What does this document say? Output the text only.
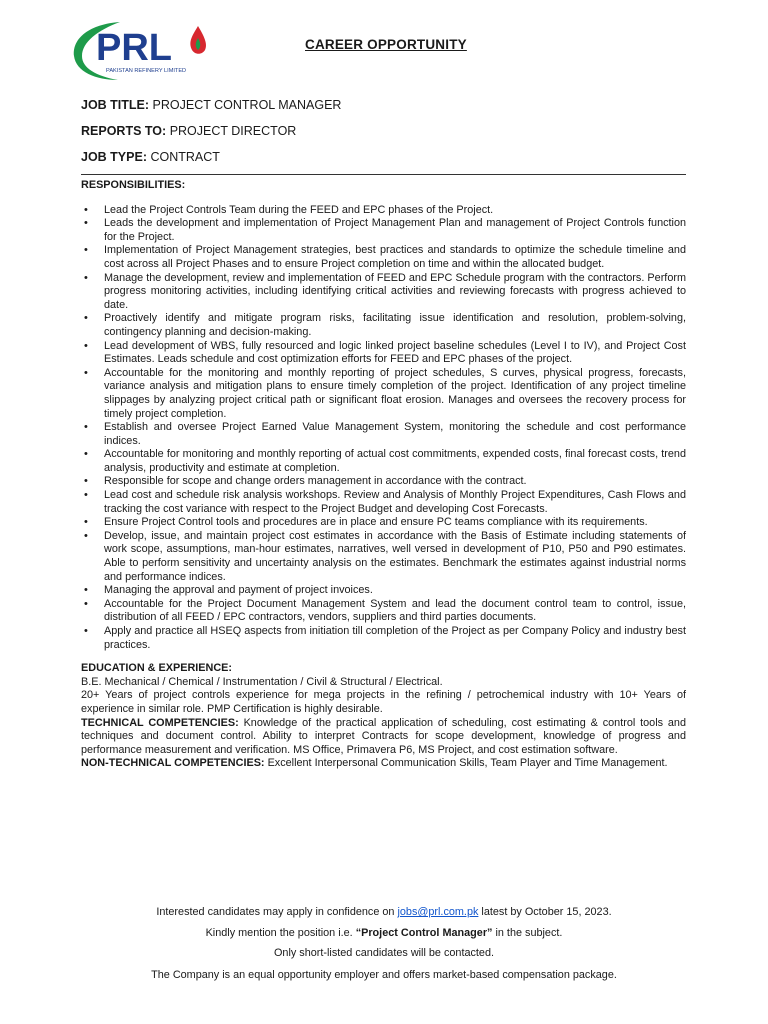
PRL
PAKISTAN REFINERY LIMITED
CAREER OPPORTUNITY
JOB TITLE: PROJECT CONTROL MANAGER
REPORTS TO: PROJECT DIRECTOR
JOB TYPE: CONTRACT

RESPONSIBILITIES:

• Lead the Project Controls Team during the FEED and EPC phases of the Project.
• Leads the development and implementation of Project Management Plan and management of Project Controls function for the Project.
• Implementation of Project Management strategies, best practices and standards to optimize the schedule timeline and cost across all Project Phases and to ensure Project completion on time and within the allocated budget.
• Manage the development, review and implementation of FEED and EPC Schedule program with the contractors. Perform progress monitoring activities, including identifying critical activities and reviewing forecasts with progress achieved to date.
• Proactively identify and mitigate program risks, facilitating issue identification and resolution, problem-solving, contingency planning and decision-making.
• Lead development of WBS, fully resourced and logic linked project baseline schedules (Level I to IV), and Project Cost Estimates. Leads schedule and cost optimization efforts for FEED and EPC phases of the project.
• Accountable for the monitoring and monthly reporting of project schedules, S curves, physical progress, forecasts, variance analysis and mitigation plans to ensure timely completion of the project. Identification of any project timeline slippages by analyzing project critical path or significant float erosion. Manages and oversees the recovery process for timely project completion.
• Establish and oversee Project Earned Value Management System, monitoring the schedule and cost performance indices.
• Accountable for monitoring and monthly reporting of actual cost commitments, expended costs, final forecast costs, trend analysis, productivity and estimate at completion.
• Responsible for scope and change orders management in accordance with the contract.
• Lead cost and schedule risk analysis workshops. Review and Analysis of Monthly Project Expenditures, Cash Flows and tracking the cost variance with respect to the Project Budget and developing Cost Forecasts.
• Ensure Project Control tools and procedures are in place and ensure PC teams compliance with its requirements.
• Develop, issue, and maintain project cost estimates in accordance with the Basis of Estimate including statements of work scope, assumptions, man-hour estimates, narratives, well versed in development of P10, P50 and P90 estimates. Able to perform sensitivity and uncertainty analysis on the estimates. Benchmark the estimates against industrial norms and performance indices.
• Managing the approval and payment of project invoices.
• Accountable for the Project Document Management System and lead the document control team to control, issue, distribution of all FEED / EPC contractors, vendors, suppliers and third parties documents.
• Apply and practice all HSEQ aspects from initiation till completion of the Project as per Company Policy and industry best practices.

EDUCATION & EXPERIENCE:

B.E. Mechanical / Chemical / Instrumentation / Civil & Structural / Electrical.

20+ Years of project controls experience for mega projects in the refining / petrochemical industry with 10+ Years of experience in similar role. PMP Certification is highly desirable.

TECHNICAL COMPETENCIES: Knowledge of the practical application of scheduling, cost estimating & control tools and techniques and document control. Ability to interpret Contracts for scope development, knowledge of progress and performance measurement and verification. MS Office, Primavera P6, MS Project, and cost estimation software.

NON-TECHNICAL COMPETENCIES: Excellent Interpersonal Communication Skills, Team Player and Time Management.

Interested candidates may apply in confidence on jobs@prl.com.pk latest by October 15, 2023.
Kindly mention the position i.e. “Project Control Manager” in the subject.
Only short-listed candidates will be contacted.
The Company is an equal opportunity employer and offers market-based compensation package.
